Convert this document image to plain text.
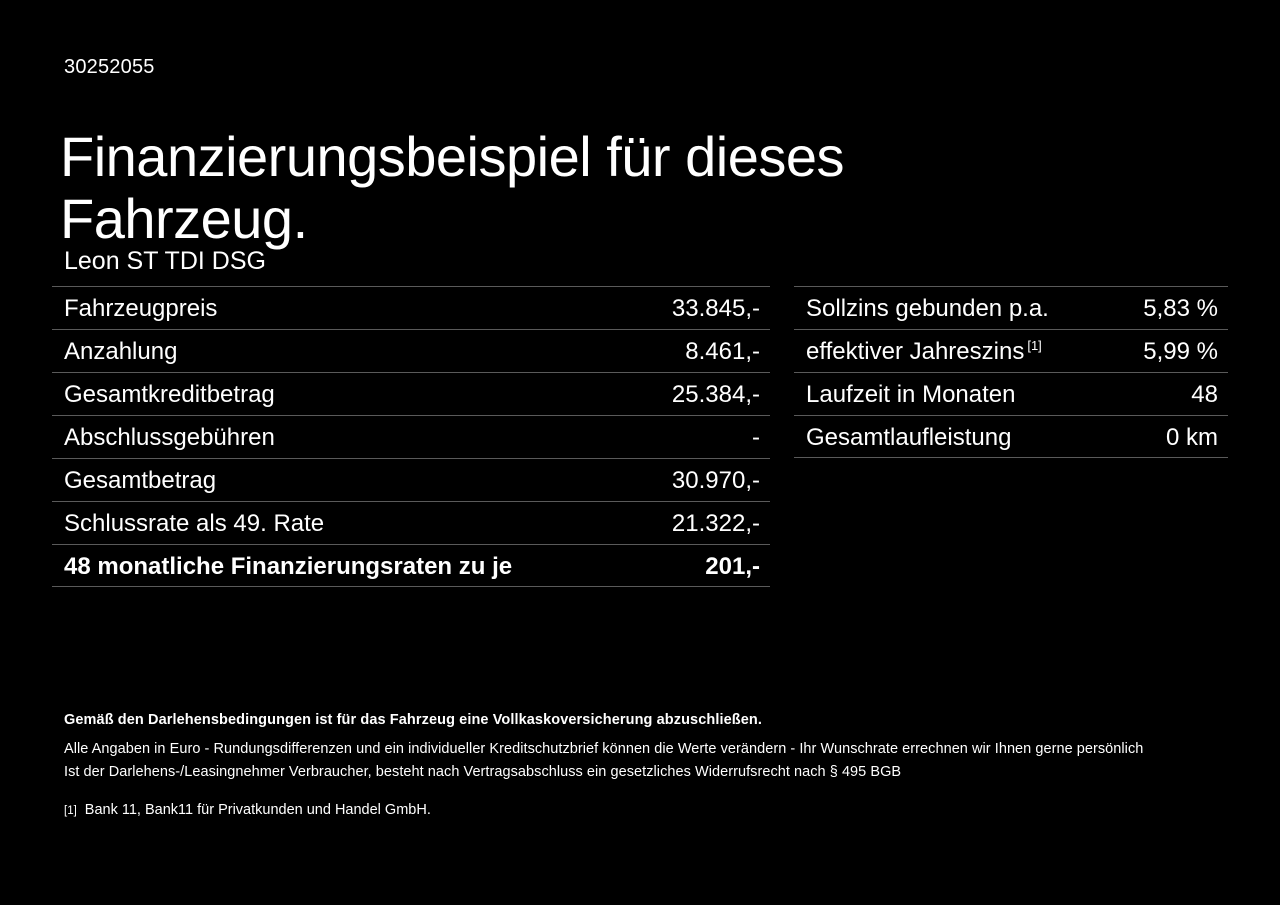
30252055
Finanzierungsbeispiel für dieses Fahrzeug.
Leon ST TDI DSG
Fahrzeugpreis	33.845,-
Anzahlung	8.461,-
Gesamtkreditbetrag	25.384,-
Abschlussgebühren	-
Gesamtbetrag	30.970,-
Schlussrate als 49. Rate	21.322,-
48 monatliche Finanzierungsraten zu je	201,-
Sollzins gebunden p.a.	5,83 %
effektiver Jahreszins [1]	5,99 %
Laufzeit in Monaten	48
Gesamtlaufleistung	0 km

Gemäß den Darlehensbedingungen ist für das Fahrzeug eine Vollkaskoversicherung abzuschließen.

Alle Angaben in Euro - Rundungsdifferenzen und ein individueller Kreditschutzbrief können die Werte verändern - Ihr Wunschrate errechnen wir Ihnen gerne persönlich

Ist der Darlehens-/Leasingnehmer Verbraucher, besteht nach Vertragsabschluss ein gesetzliches Widerrufsrecht nach § 495 BGB

[1] Bank 11, Bank11 für Privatkunden und Handel GmbH.
